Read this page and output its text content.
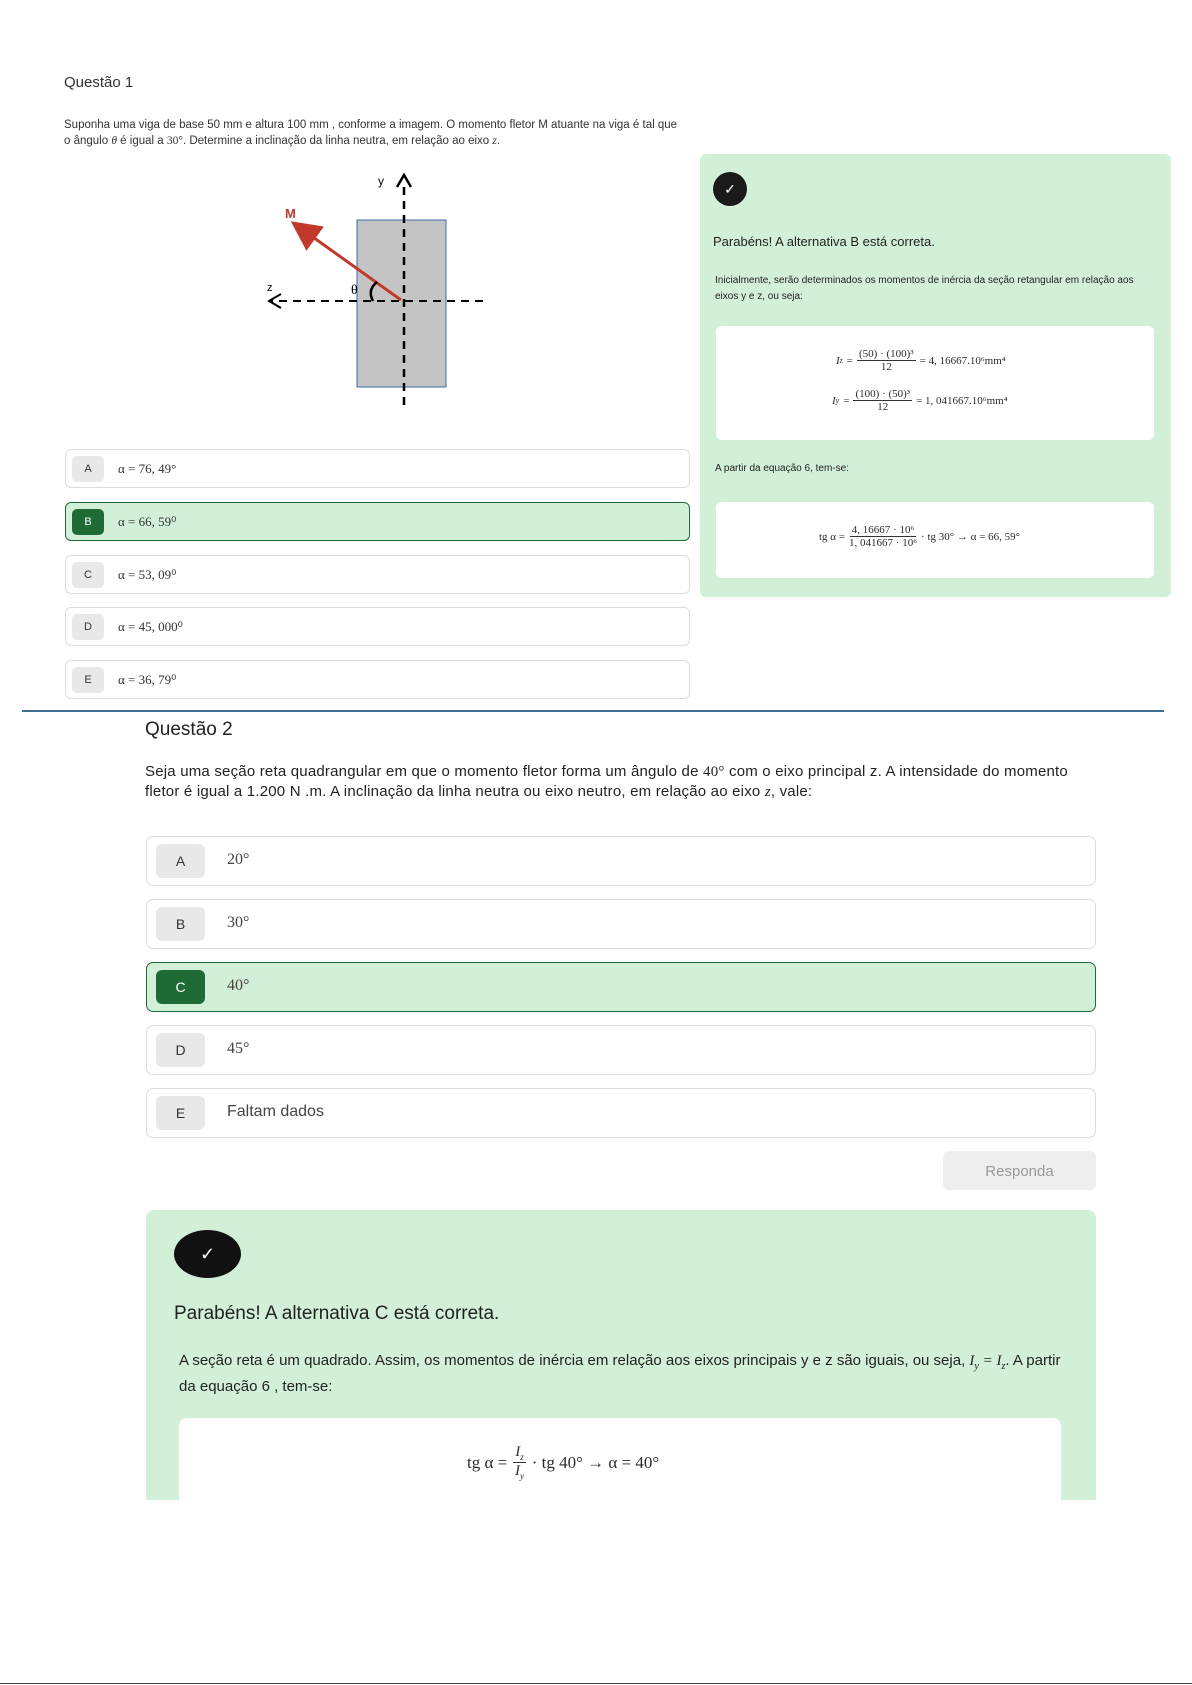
Questão 1
Suponha uma viga de base 50 mm e altura 100 mm , conforme a imagem. O momento fletor M atuante na viga é tal que o ângulo θ é igual a 30°. Determine a inclinação da linha neutra, em relação ao eixo z.
y
z
M
θ
A	α = 76, 49°
B	α = 66, 59⁰
C	α = 53, 09⁰
D	α = 45, 000⁰
E	α = 36, 79⁰
✓
Parabéns! A alternativa B está correta.
Inicialmente, serão determinados os momentos de inércia da seção retangular em relação aos eixos y e z, ou seja:
I $z = \frac{\text{(50) · (100)³}}{12} = 4$, 16667.10⁶mm⁴
I $y = \frac{\text{(100) · (50)³}}{12} = 1$, 041667.10⁶mm⁴
A partir da equação 6, tem-se:
tg $\alpha = \frac{\text{4, 16667 · 10⁶}}{\text{1, 041667 · 10⁶}}$ · tg 30° → α = 66, 59°
Questão 2
Seja uma seção reta quadrangular em que o momento fletor forma um ângulo de 40° com o eixo principal z. A intensidade do momento fletor é igual a 1.200 N .m. A inclinação da linha neutra ou eixo neutro, em relação ao eixo z, vale:
A	20°
B	30°
C	40°
D	45°
E	Faltam dados
Responda
✓
Parabéns! A alternativa C está correta.
A seção reta é um quadrado. Assim, os momentos de inércia em relação aos eixos principais y e z são iguais, ou seja, $I_y = I_z$. A partir da equação 6 , tem-se:
tg $\alpha = \frac{I_z}{I_y}$ · tg 40° → α = 40°
